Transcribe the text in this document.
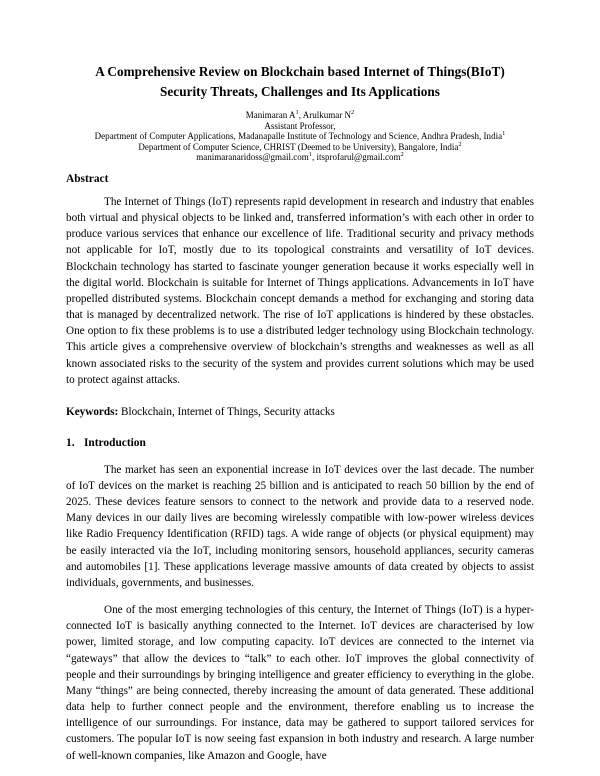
A Comprehensive Review on Blockchain based Internet of Things(BIoT)
Security Threats, Challenges and Its Applications
Manimaran $A^1$, Arulkumar $N^2$
Assistant Professor,
Department of Computer Applications, Madanapalle Institute of Technology and Science, Andhra Pradesh, India$^1$
Department of Computer Science, CHRIST (Deemed to be University), Bangalore, India$^2$
manimaranaridoss@gmail.com$^1$, itsprofarul@gmail.com$^2$
Abstract

The Internet of Things (IoT) represents rapid development in research and industry that enables both virtual and physical objects to be linked and, transferred information’s with each other in order to produce various services that enhance our excellence of life. Traditional security and privacy methods not applicable for IoT, mostly due to its topological constraints and versatility of IoT devices. Blockchain technology has started to fascinate younger generation because it works especially well in the digital world. Blockchain is suitable for Internet of Things applications. Advancements in IoT have propelled distributed systems. Blockchain concept demands a method for exchanging and storing data that is managed by decentralized network. The rise of IoT applications is hindered by these obstacles. One option to fix these problems is to use a distributed ledger technology using Blockchain technology. This article gives a comprehensive overview of blockchain’s strengths and weaknesses as well as all known associated risks to the security of the system and provides current solutions which may be used to protect against attacks.

Keywords: Blockchain, Internet of Things, Security attacks

1. Introduction

The market has seen an exponential increase in IoT devices over the last decade. The number of IoT devices on the market is reaching 25 billion and is anticipated to reach 50 billion by the end of 2025. These devices feature sensors to connect to the network and provide data to a reserved node. Many devices in our daily lives are becoming wirelessly compatible with low-power wireless devices like Radio Frequency Identification (RFID) tags. A wide range of objects (or physical equipment) may be easily interacted via the IoT, including monitoring sensors, household appliances, security cameras and automobiles [1]. These applications leverage massive amounts of data created by objects to assist individuals, governments, and businesses.

One of the most emerging technologies of this century, the Internet of Things (IoT) is a hyper-connected IoT is basically anything connected to the Internet. IoT devices are characterised by low power, limited storage, and low computing capacity. IoT devices are connected to the internet via “gateways” that allow the devices to “talk” to each other. IoT improves the global connectivity of people and their surroundings by bringing intelligence and greater efficiency to everything in the globe. Many “things” are being connected, thereby increasing the amount of data generated. These additional data help to further connect people and the environment, therefore enabling us to increase the intelligence of our surroundings. For instance, data may be gathered to support tailored services for customers. The popular IoT is now seeing fast expansion in both industry and research. A large number of well-known companies, like Amazon and Google, have
